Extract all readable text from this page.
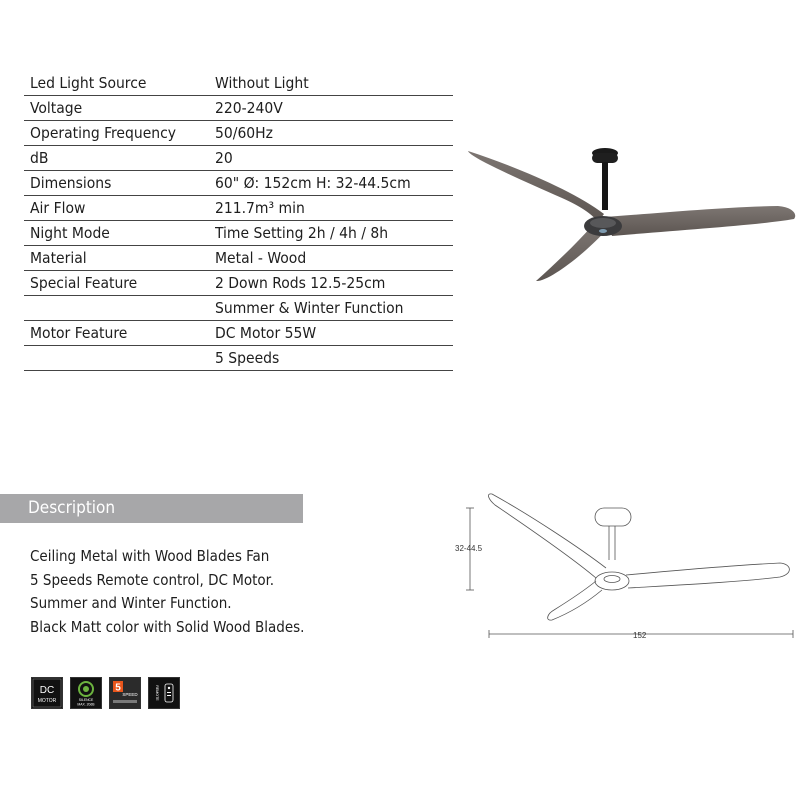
Led Light Source	Without Light
Voltage	220-240V
Operating Frequency	50/60Hz
dB	20
Dimensions	60" Ø: 152cm H: 32-44.5cm
Air Flow	211.7m³ min
Night Mode	Time Setting 2h / 4h / 8h
Material	Metal - Wood
Special Feature	2 Down Rods 12.5-25cm
	Summer & Winter Function
Motor Feature	DC Motor 55W
	5 Speeds
Description
Ceiling Metal with Wood Blades Fan
5 Speeds Remote control, DC Motor.
Summer and Winter Function.
Black Matt color with Solid Wood Blades.
32-44.5
152
DC
MOTOR	SILENCE
MAX. 20dB
5
SPEED	REMOTE
